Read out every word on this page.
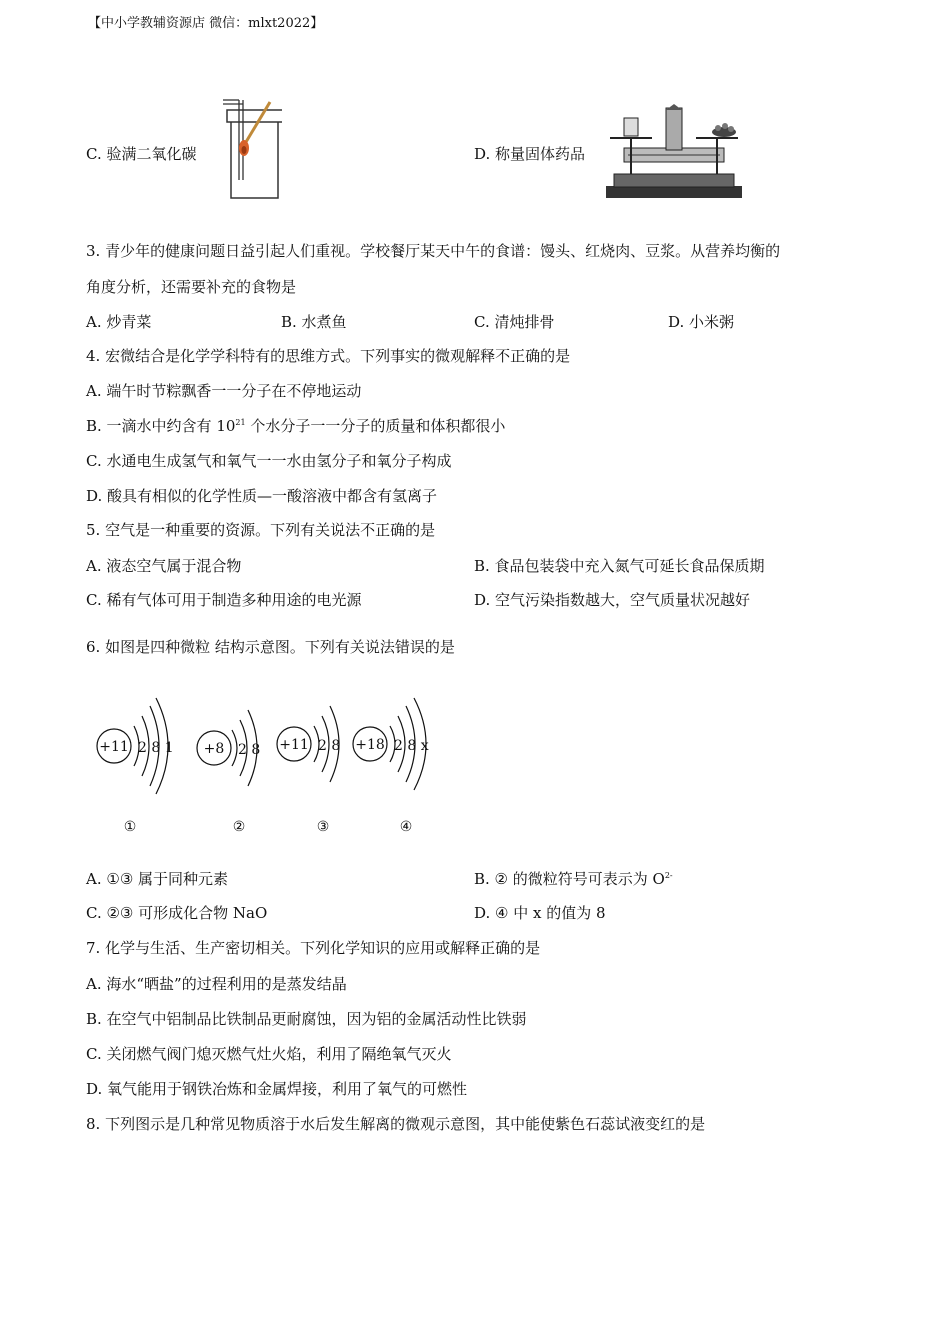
【中小学教辅资源店 微信：mlxt2022】
C. 验满二氧化碳	D. 称量固体药品
3. 青少年的健康问题日益引起人们重视。学校餐厅某天中午的食谱：馒头、红烧肉、豆浆。从营养均衡的
角度分析，还需要补充的食物是
A. 炒青菜	B. 水煮鱼	C. 清炖排骨	D. 小米粥
4. 宏微结合是化学学科特有的思维方式。下列事实的微观解释不正确的是
A. 端午时节粽飘香一一分子在不停地运动
B. 一滴水中约含有 $10^{21}$ 个水分子一一分子的质量和体积都很小
C. 水通电生成氢气和氧气一一水由氢分子和氧分子构成
D. 酸具有相似的化学性质—一酸溶液中都含有氢离子
5. 空气是一种重要的资源。下列有关说法不正确的是
A. 液态空气属于混合物	B. 食品包装袋中充入氮气可延长食品保质期
C. 稀有气体可用于制造多种用途的电光源	D. 空气污染指数越大，空气质量状况越好
6. 如图是四种微粒 结构示意图。下列有关说法错误的是
+11	+8	+11	+18
2 8 1	2 8	2 8	2 8 x
①	②	③	④
A. ①③ 属于同种元素	B. ② 的微粒符号可表示为 $O^{2-}$
C. ②③ 可形成化合物 NaO	D. ④ 中 x 的值为 8
7. 化学与生活、生产密切相关。下列化学知识的应用或解释正确的是
A. 海水“晒盐”的过程利用的是蒸发结晶
B. 在空气中铝制品比铁制品更耐腐蚀，因为铝的金属活动性比铁弱
C. 关闭燃气阀门熄灭燃气灶火焰，利用了隔绝氧气灭火
D. 氧气能用于钢铁冶炼和金属焊接，利用了氧气的可燃性
8. 下列图示是几种常见物质溶于水后发生解离的微观示意图，其中能使紫色石蕊试液变红的是
